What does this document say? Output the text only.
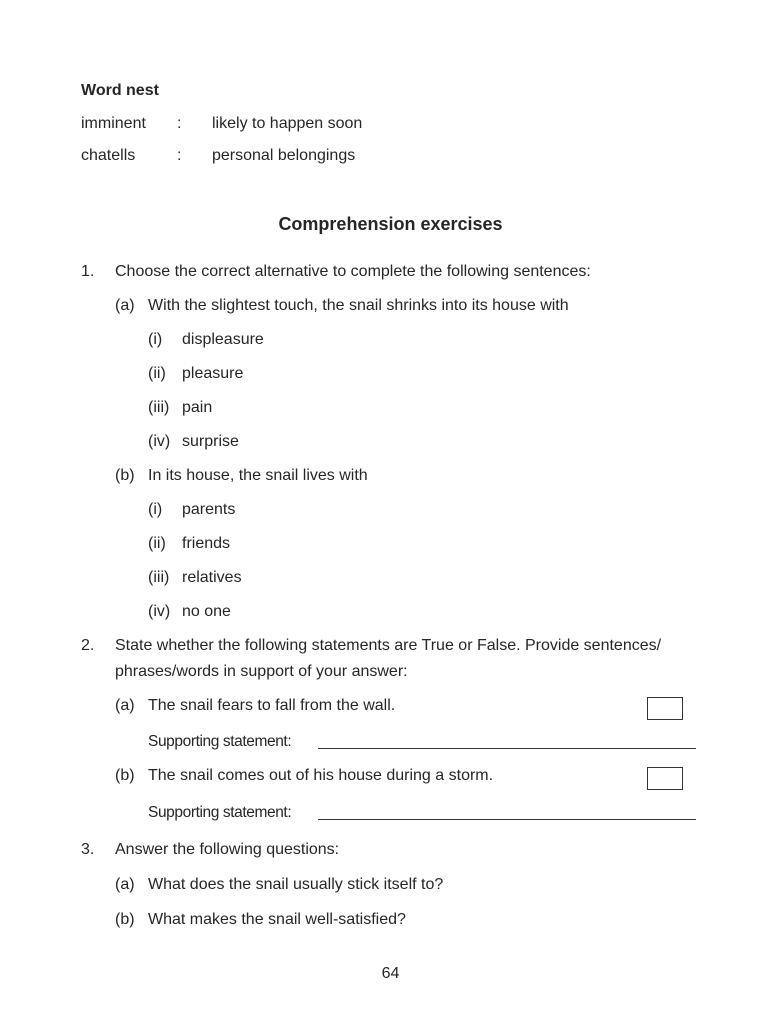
Word nest
imminent : likely to happen soon
chatells	: personal belongings
Comprehension exercises
1. Choose the correct alternative to complete the following sentences:
(a) With the slightest touch, the snail shrinks into its house with
(i) displeasure
(ii) pleasure
(iii) pain
(iv) surprise
(b) In its house, the snail lives with
(i) parents
(ii) friends
(iii) relatives
(iv) no one
2. State whether the following statements are True or False. Provide sentences/
phrases/words in support of your answer:
(a) The snail fears to fall from the wall.
Supporting statement:
(b) The snail comes out of his house during a storm.
Supporting statement:
3. Answer the following questions:
(a) What does the snail usually stick itself to?
(b) What makes the snail well-satisfied?
64
